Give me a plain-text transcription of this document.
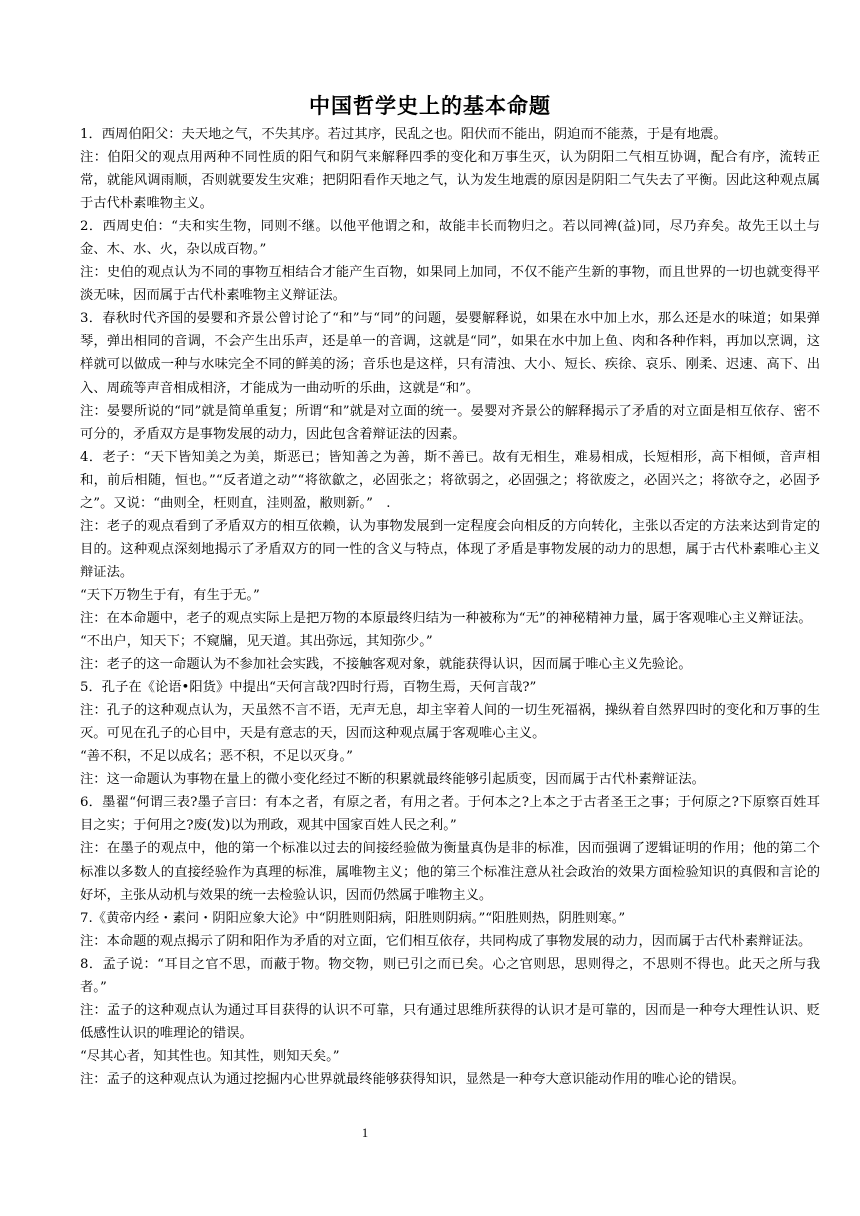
中国哲学史上的基本命题

1．西周伯阳父：夫天地之气，不失其序。若过其序，民乱之也。阳伏而不能出，阴迫而不能蒸，于是有地震。

注：伯阳父的观点用两种不同性质的阳气和阴气来解释四季的变化和万事生灭，认为阴阳二气相互协调，配合有序，流转正常，就能风调雨顺，否则就要发生灾难；把阴阳看作天地之气，认为发生地震的原因是阴阳二气失去了平衡。因此这种观点属于古代朴素唯物主义。

2．西周史伯：“夫和实生物，同则不继。以他平他谓之和，故能丰长而物归之。若以同裨(益)同，尽乃弃矣。故先王以土与金、木、水、火，杂以成百物。”

注：史伯的观点认为不同的事物互相结合才能产生百物，如果同上加同，不仅不能产生新的事物，而且世界的一切也就变得平淡无味，因而属于古代朴素唯物主义辩证法。

3．春秋时代齐国的晏婴和齐景公曾讨论了“和”与“同”的问题，晏婴解释说，如果在水中加上水，那么还是水的味道；如果弹琴，弹出相同的音调，不会产生出乐声，还是单一的音调，这就是“同”，如果在水中加上鱼、肉和各种作料，再加以烹调，这样就可以做成一种与水味完全不同的鲜美的汤；音乐也是这样，只有清浊、大小、短长、疾徐、哀乐、刚柔、迟速、高下、出入、周疏等声音相成相济，才能成为一曲动听的乐曲，这就是“和”。

注：晏婴所说的“同”就是简单重复；所谓“和”就是对立面的统一。晏婴对齐景公的解释揭示了矛盾的对立面是相互依存、密不可分的，矛盾双方是事物发展的动力，因此包含着辩证法的因素。

4．老子：“天下皆知美之为美，斯恶已；皆知善之为善，斯不善已。故有无相生，难易相成，长短相形，高下相倾，音声相和，前后相随，恒也。”“反者道之动”“将欲歙之，必固张之；将欲弱之，必固强之；将欲废之，必固兴之；将欲夺之，必固予之”。又说：“曲则全，枉则直，洼则盈，敝则新。”　.

注：老子的观点看到了矛盾双方的相互依赖，认为事物发展到一定程度会向相反的方向转化，主张以否定的方法来达到肯定的目的。这种观点深刻地揭示了矛盾双方的同一性的含义与特点，体现了矛盾是事物发展的动力的思想，属于古代朴素唯心主义辩证法。

“天下万物生于有，有生于无。”

注：在本命题中，老子的观点实际上是把万物的本原最终归结为一种被称为“无”的神秘精神力量，属于客观唯心主义辩证法。

“不出户，知天下；不窥牖，见天道。其出弥远，其知弥少。”

注：老子的这一命题认为不参加社会实践，不接触客观对象，就能获得认识，因而属于唯心主义先验论。

5．孔子在《论语•阳货》中提出“天何言哉?四时行焉，百物生焉，天何言哉?”

注：孔子的这种观点认为，天虽然不言不语，无声无息，却主宰着人间的一切生死福祸，操纵着自然界四时的变化和万事的生灭。可见在孔子的心目中，天是有意志的天，因而这种观点属于客观唯心主义。

“善不积，不足以成名；恶不积，不足以灭身。”

注：这一命题认为事物在量上的微小变化经过不断的积累就最终能够引起质变，因而属于古代朴素辩证法。

6．墨翟“何谓三表?墨子言曰：有本之者，有原之者，有用之者。于何本之?上本之于古者圣王之事；于何原之?下原察百姓耳目之实；于何用之?废(发)以为刑政，观其中国家百姓人民之利。”

注：在墨子的观点中，他的第一个标准以过去的间接经验做为衡量真伪是非的标准，因而强调了逻辑证明的作用；他的第二个标准以多数人的直接经验作为真理的标准，属唯物主义；他的第三个标准注意从社会政治的效果方面检验知识的真假和言论的好坏，主张从动机与效果的统一去检验认识，因而仍然属于唯物主义。

7.《黄帝内经・素问・阴阳应象大论》中“阴胜则阳病，阳胜则阴病。”“阳胜则热，阴胜则寒。”

注：本命题的观点揭示了阴和阳作为矛盾的对立面，它们相互依存，共同构成了事物发展的动力，因而属于古代朴素辩证法。

8．孟子说：“耳目之官不思，而蔽于物。物交物，则已引之而已矣。心之官则思，思则得之，不思则不得也。此天之所与我者。”

注：孟子的这种观点认为通过耳目获得的认识不可靠，只有通过思维所获得的认识才是可靠的，因而是一种夸大理性认识、贬低感性认识的唯理论的错误。

“尽其心者，知其性也。知其性，则知天矣。”

注：孟子的这种观点认为通过挖掘内心世界就最终能够获得知识，显然是一种夸大意识能动作用的唯心论的错误。

1
